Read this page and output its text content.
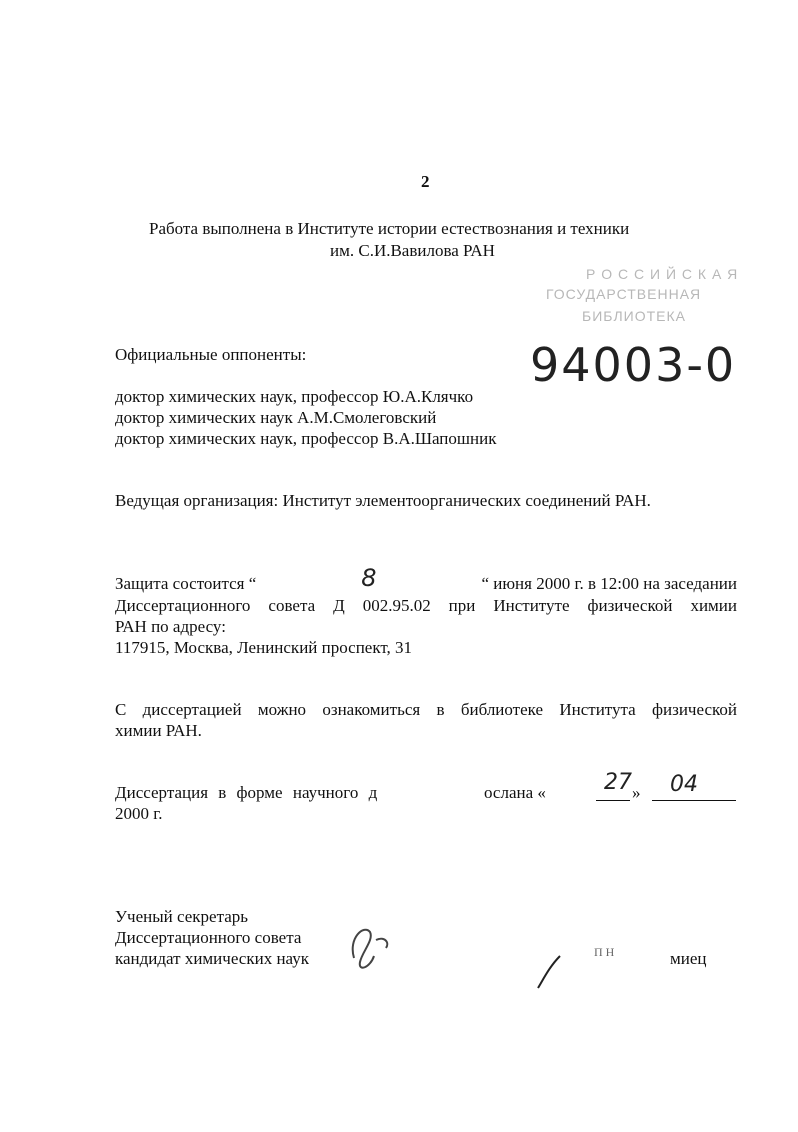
2
Работа выполнена в Институте истории естествознания и техники
им. С.И.Вавилова РАН
Р О С С И Й С К А Я
ГОСУДАРСТВЕННАЯ
БИБЛИОТЕКА
94003-0
Официальные оппоненты:
доктор химических наук, профессор Ю.А.Клячко
доктор химических наук А.М.Смолеговский
доктор химических наук, профессор В.А.Шапошник
Ведущая организация: Институт элементоорганических соединений РАН.
Защита состоится “	8	“ июня 2000 г. в 12:00 на заседании
Диссертационного совета Д 002.95.02 при Институте физической химии
РАН по адресу:
117915, Москва, Ленинский проспект, 31
С диссертацией можно ознакомиться в библиотеке Института физической
химии РАН.
Диссертация в форме научного д	ослана «	27 » 04
2000 г.
Ученый секретарь
Диссертационного совета
кандидат химических наук	П Н	миец
